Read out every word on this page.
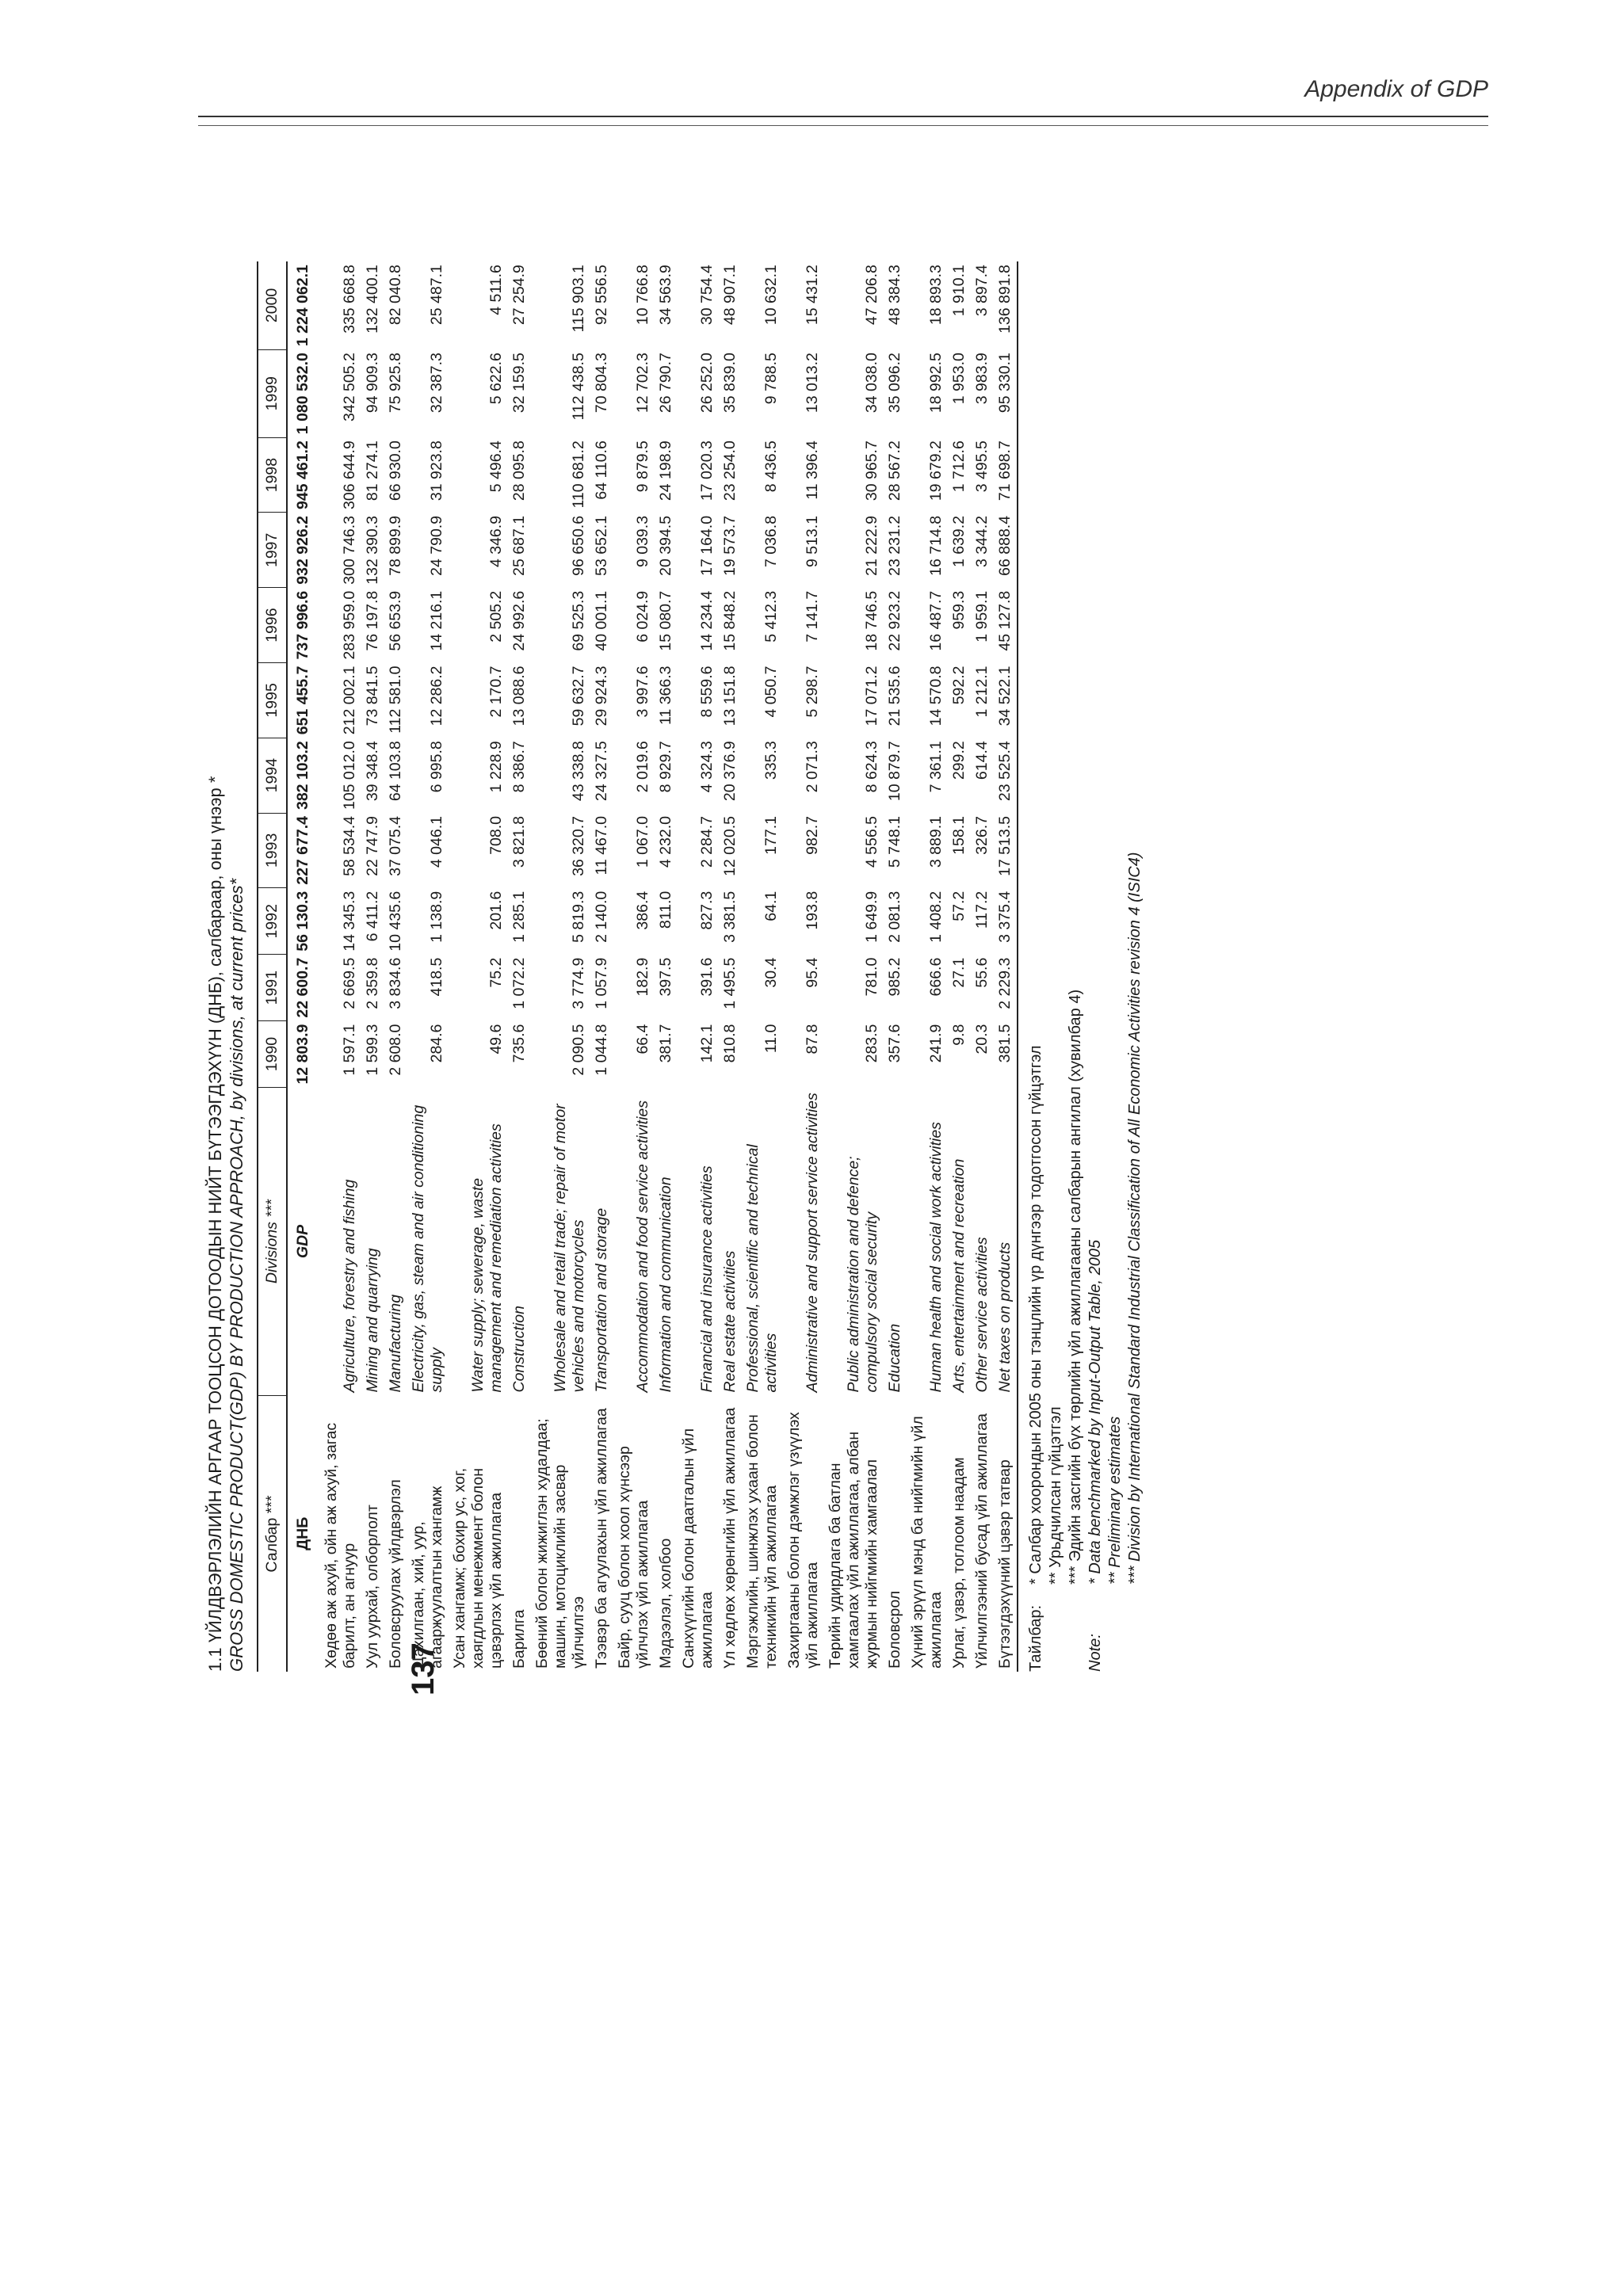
Appendix of GDP
137
1.1 ҮЙЛДВЭРЛЭЛИЙН АРГААР ТООЦСОН ДОТООДЫН НИЙТ БҮТЭЭГДЭХҮҮН (ДНБ), салбараар, оны үнээр * GROSS DOMESTIC PRODUCT(GDP) BY PRODUCTION APPROACH, by divisions, at current prices* Салбар ***	Divisions ***	1990	1991	1992	1993	1994	1995	1996	1997	1998	1999	2000
ДНБ	GDP	12 803.9	22 600.7	56 130.3	227 677.4	382 103.2	651 455.7	737 996.6	932 926.2	945 461.2	1 080 532.0	1 224 062.1
Хөдөө аж ахуй, ойн аж ахуй, загас барилт, ан агнуур	Agriculture, forestry and fishing	1 597.1	2 669.5	14 345.3	58 534.4	105 012.0	212 002.1	283 959.0	300 746.3	306 644.9	342 505.2	335 668.8
Уул уурхай, олборлолт	Mining and quarrying	1 599.3	2 359.8	6 411.2	22 747.9	39 348.4	73 841.5	76 197.8	132 390.3	81 274.1	94 909.3	132 400.1
Боловсруулах үйлдвэрлэл	Manufacturing	2 608.0	3 834.6	10 435.6	37 075.4	64 103.8	112 581.0	56 653.9	78 899.9	66 930.0	75 925.8	82 040.8
Цахилгаан, хий, уур, агааржуулалтын хангамж	Electricity, gas, steam and air conditioning supply	284.6	418.5	1 138.9	4 046.1	6 995.8	12 286.2	14 216.1	24 790.9	31 923.8	32 387.3	25 487.1
Усан хангамж; бохир ус, хог, хаягдлын менежмент болон цэвэрлэх үйл ажиллагаа	Water supply; sewerage, waste management and remediation activities	49.6	75.2	201.6	708.0	1 228.9	2 170.7	2 505.2	4 346.9	5 496.4	5 622.6	4 511.6
Барилга	Construction	735.6	1 072.2	1 285.1	3 821.8	8 386.7	13 088.6	24 992.6	25 687.1	28 095.8	32 159.5	27 254.9
Бөөний болон жижиглэн худалдаа; машин, мотоциклийн засвар үйлчилгээ	Wholesale and retail trade; repair of motor vehicles and motorcycles	2 090.5	3 774.9	5 819.3	36 320.7	43 338.8	59 632.7	69 525.3	96 650.6	110 681.2	112 438.5	115 903.1
Тээвэр ба агуулахын үйл ажиллагаа	Transportation and storage	1 044.8	1 057.9	2 140.0	11 467.0	24 327.5	29 924.3	40 001.1	53 652.1	64 110.6	70 804.3	92 556.5
Байр, сууц болон хоол хүнсээр үйлчлэх үйл ажиллагаа	Accommodation and food service activities	66.4	182.9	386.4	1 067.0	2 019.6	3 997.6	6 024.9	9 039.3	9 879.5	12 702.3	10 766.8
Мэдээлэл, холбоо	Information and communication	381.7	397.5	811.0	4 232.0	8 929.7	11 366.3	15 080.7	20 394.5	24 198.9	26 790.7	34 563.9
Санхүүгийн болон даатгалын үйл ажиллагаа	Financial and insurance activities	142.1	391.6	827.3	2 284.7	4 324.3	8 559.6	14 234.4	17 164.0	17 020.3	26 252.0	30 754.4
Үл хөдлөх хөрөнгийн үйл ажиллагаа	Real estate activities	810.8	1 495.5	3 381.5	12 020.5	20 376.9	13 151.8	15 848.2	19 573.7	23 254.0	35 839.0	48 907.1
Мэргэжлийн, шинжлэх ухаан болон техникийн үйл ажиллагаа	Professional, scientific and technical activities	11.0	30.4	64.1	177.1	335.3	4 050.7	5 412.3	7 036.8	8 436.5	9 788.5	10 632.1
Захиргааны болон дэмжлэг үзүүлэх үйл ажиллагаа	Administrative and support service activities	87.8	95.4	193.8	982.7	2 071.3	5 298.7	7 141.7	9 513.1	11 396.4	13 013.2	15 431.2
Төрийн удирдлага ба батлан хамгаалах үйл ажиллагаа, албан журмын нийгмийн хамгаалал	Public administration and defence; compulsory social security	283.5	781.0	1 649.9	4 556.5	8 624.3	17 071.2	18 746.5	21 222.9	30 965.7	34 038.0	47 206.8
Боловсрол	Education	357.6	985.2	2 081.3	5 748.1	10 879.7	21 535.6	22 923.2	23 231.2	28 567.2	35 096.2	48 384.3
Хүний эрүүл мэнд ба нийгмийн үйл ажиллагаа	Human health and social work activities	241.9	666.6	1 408.2	3 889.1	7 361.1	14 570.8	16 487.7	16 714.8	19 679.2	18 992.5	18 893.3
Урлаг, үзвэр, тоглоом наадам	Arts, entertainment and recreation	9.8	27.1	57.2	158.1	299.2	592.2	959.3	1 639.2	1 712.6	1 953.0	1 910.1
Үйлчилгээний бусад үйл ажиллагаа	Other service activities	20.3	55.6	117.2	326.7	614.4	1 212.1	1 959.1	3 344.2	3 495.5	3 983.9	3 897.4
Бүтээгдэхүүний цэвэр татвар	Net taxes on products	381.5	2 229.3	3 375.4	17 513.5	23 525.4	34 522.1	45 127.8	66 888.4	71 698.7	95 330.1	136 891.8
Тайлбар:
* Салбар хоорондын 2005 оны тэнцлийн үр дүнгээр тодотгосон гүйцэтгэл ** Урьдчилсан гүйцэтгэл *** Эдийн засгийн бүх төрлийн үйл ажиллагааны салбарын ангилал (хувилбар 4)
Note:
* Data benchmarked by Input-Output Table, 2005 ** Preliminary estimates *** Division by International Standard Industrial Classification of All Economic Activities revision 4 (ISIC4)
